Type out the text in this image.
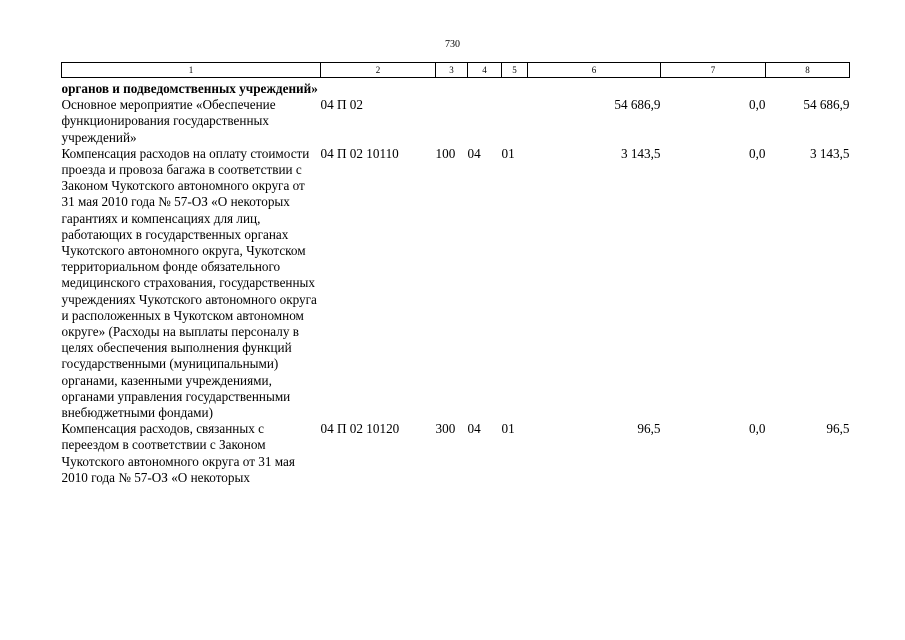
730
1	2	3	4	5	6	7	8
органов и подведомственных учреждений»							
Основное мероприятие «Обеспечение функционирования государственных учреждений»	04 П 02				54 686,9	0,0	54 686,9
Компенсация расходов на оплату стоимости проезда и провоза багажа в соответствии с Законом Чукотского автономного округа от 31 мая 2010 года № 57-ОЗ «О некоторых гарантиях и компенсациях для лиц, работающих в государственных органах Чукотского автономного округа, Чукотском территориальном фонде обязательного медицинского страхования, государственных учреждениях Чукотского автономного округа и расположенных в Чукотском автономном округе» (Расходы на выплаты персоналу в целях обеспечения выполнения функций государственными (муниципальными) органами, казенными учреждениями, органами управления государственными внебюджетными фондами)	04 П 02 10110	100	04	01	3 143,5	0,0	3 143,5
Компенсация расходов, связанных с переездом в соответствии с Законом Чукотского автономного округа от 31 мая 2010 года № 57-ОЗ «О некоторых	04 П 02 10120	300	04	01	96,5	0,0	96,5
